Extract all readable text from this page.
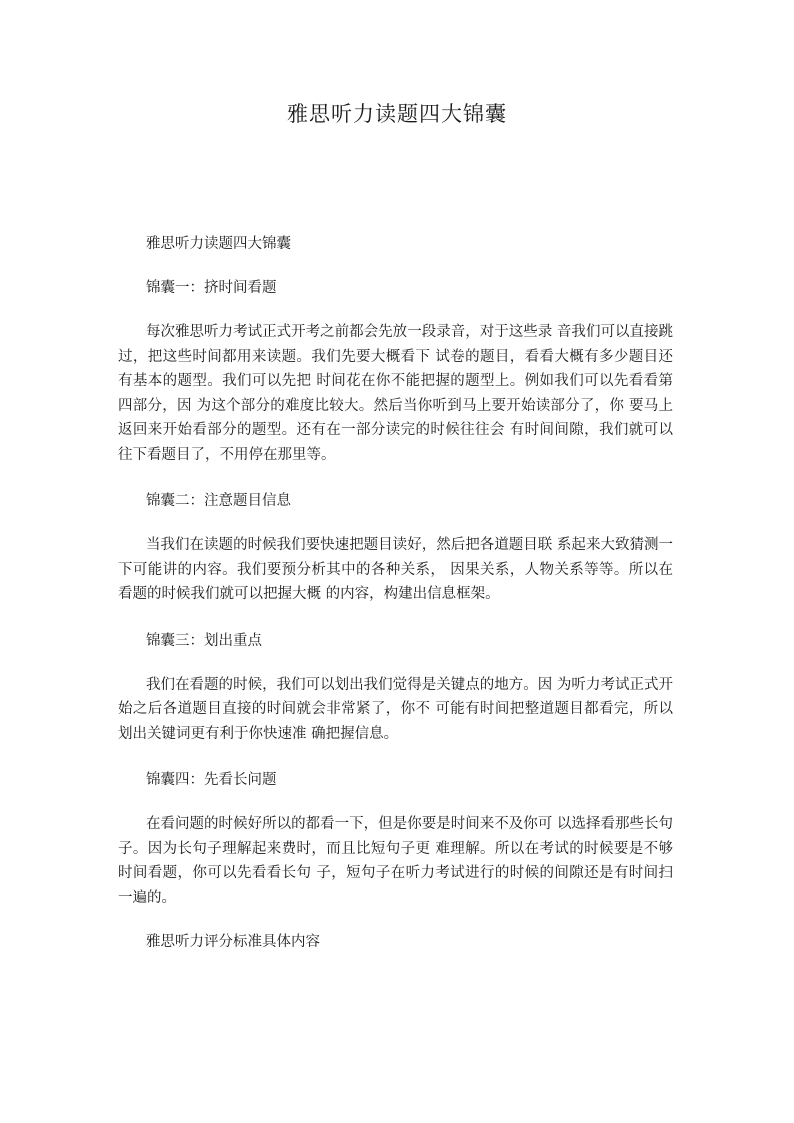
雅思听力读题四大锦囊

雅思听力读题四大锦囊

锦囊一：挤时间看题

每次雅思听力考试正式开考之前都会先放一段录音，对于这些录 音我们可以直接跳过，把这些时间都用来读题。我们先要大概看下 试卷的题目，看看大概有多少题目还有基本的题型。我们可以先把 时间花在你不能把握的题型上。例如我们可以先看看第四部分，因 为这个部分的难度比较大。然后当你听到马上要开始读部分了，你 要马上返回来开始看部分的题型。还有在一部分读完的时候往往会 有时间间隙，我们就可以往下看题目了，不用停在那里等。

锦囊二：注意题目信息

当我们在读题的时候我们要快速把题目读好，然后把各道题目联 系起来大致猜测一下可能讲的内容。我们要预分析其中的各种关系， 因果关系，人物关系等等。所以在看题的时候我们就可以把握大概 的内容，构建出信息框架。

锦囊三：划出重点

我们在看题的时候，我们可以划出我们觉得是关键点的地方。因 为听力考试正式开始之后各道题目直接的时间就会非常紧了，你不 可能有时间把整道题目都看完，所以划出关键词更有利于你快速准 确把握信息。

锦囊四：先看长问题

在看问题的时候好所以的都看一下，但是你要是时间来不及你可 以选择看那些长句子。因为长句子理解起来费时，而且比短句子更 难理解。所以在考试的时候要是不够时间看题，你可以先看看长句 子，短句子在听力考试进行的时候的间隙还是有时间扫一遍的。

雅思听力评分标准具体内容
